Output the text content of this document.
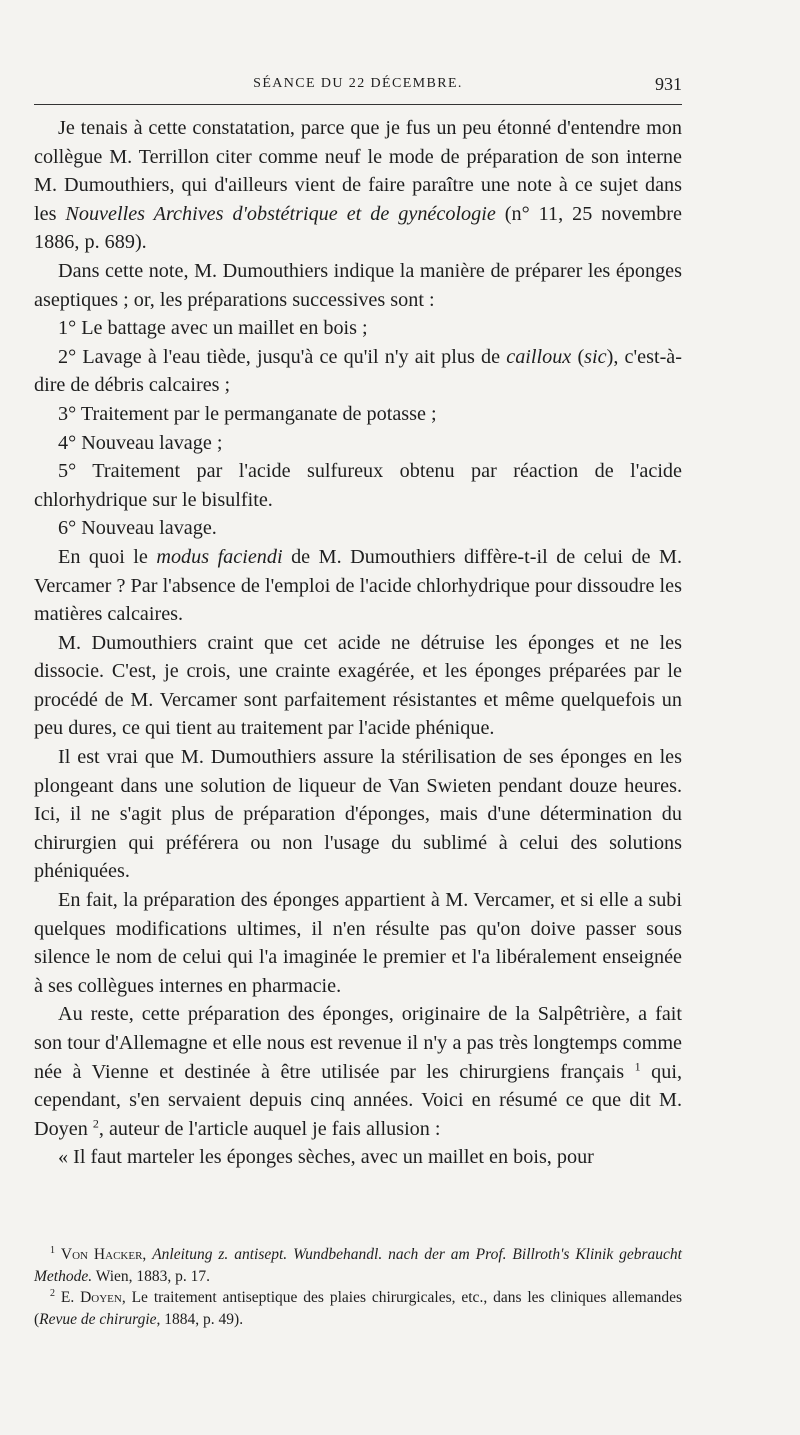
SÉANCE DU 22 DÉCEMBRE.	931

Je tenais à cette constatation, parce que je fus un peu étonné d'entendre mon collègue M. Terrillon citer comme neuf le mode de préparation de son interne M. Dumouthiers, qui d'ailleurs vient de faire paraître une note à ce sujet dans les Nouvelles Archives d'obstétrique et de gynécologie (n° 11, 25 novembre 1886, p. 689).

Dans cette note, M. Dumouthiers indique la manière de préparer les éponges aseptiques ; or, les préparations successives sont :

1° Le battage avec un maillet en bois ;

2° Lavage à l'eau tiède, jusqu'à ce qu'il n'y ait plus de cailloux (sic), c'est-à-dire de débris calcaires ;

3° Traitement par le permanganate de potasse ;

4° Nouveau lavage ;

5° Traitement par l'acide sulfureux obtenu par réaction de l'acide chlorhydrique sur le bisulfite.

6° Nouveau lavage.

En quoi le modus faciendi de M. Dumouthiers diffère-t-il de celui de M. Vercamer ? Par l'absence de l'emploi de l'acide chlorhydrique pour dissoudre les matières calcaires.

M. Dumouthiers craint que cet acide ne détruise les éponges et ne les dissocie. C'est, je crois, une crainte exagérée, et les éponges préparées par le procédé de M. Vercamer sont parfaitement résistantes et même quelquefois un peu dures, ce qui tient au traitement par l'acide phénique.

Il est vrai que M. Dumouthiers assure la stérilisation de ses éponges en les plongeant dans une solution de liqueur de Van Swieten pendant douze heures. Ici, il ne s'agit plus de préparation d'éponges, mais d'une détermination du chirurgien qui préférera ou non l'usage du sublimé à celui des solutions phéniquées.

En fait, la préparation des éponges appartient à M. Vercamer, et si elle a subi quelques modifications ultimes, il n'en résulte pas qu'on doive passer sous silence le nom de celui qui l'a imaginée le premier et l'a libéralement enseignée à ses collègues internes en pharmacie.

Au reste, cette préparation des éponges, originaire de la Salpêtrière, a fait son tour d'Allemagne et elle nous est revenue il n'y a pas très longtemps comme née à Vienne et destinée à être utilisée par les chirurgiens français $^1$ qui, cependant, s'en servaient depuis cinq années. Voici en résumé ce que dit M. Doyen $^2$, auteur de l'article auquel je fais allusion :

« Il faut marteler les éponges sèches, avec un maillet en bois, pour

$^1$ Von Hacker, Anleitung z. antisept. Wundbehandl. nach der am Prof. Billroth's Klinik gebraucht Methode. Wien, 1883, p. 17.

$^2$ E. Doyen, Le traitement antiseptique des plaies chirurgicales, etc., dans les cliniques allemandes (Revue de chirurgie, 1884, p. 49).
